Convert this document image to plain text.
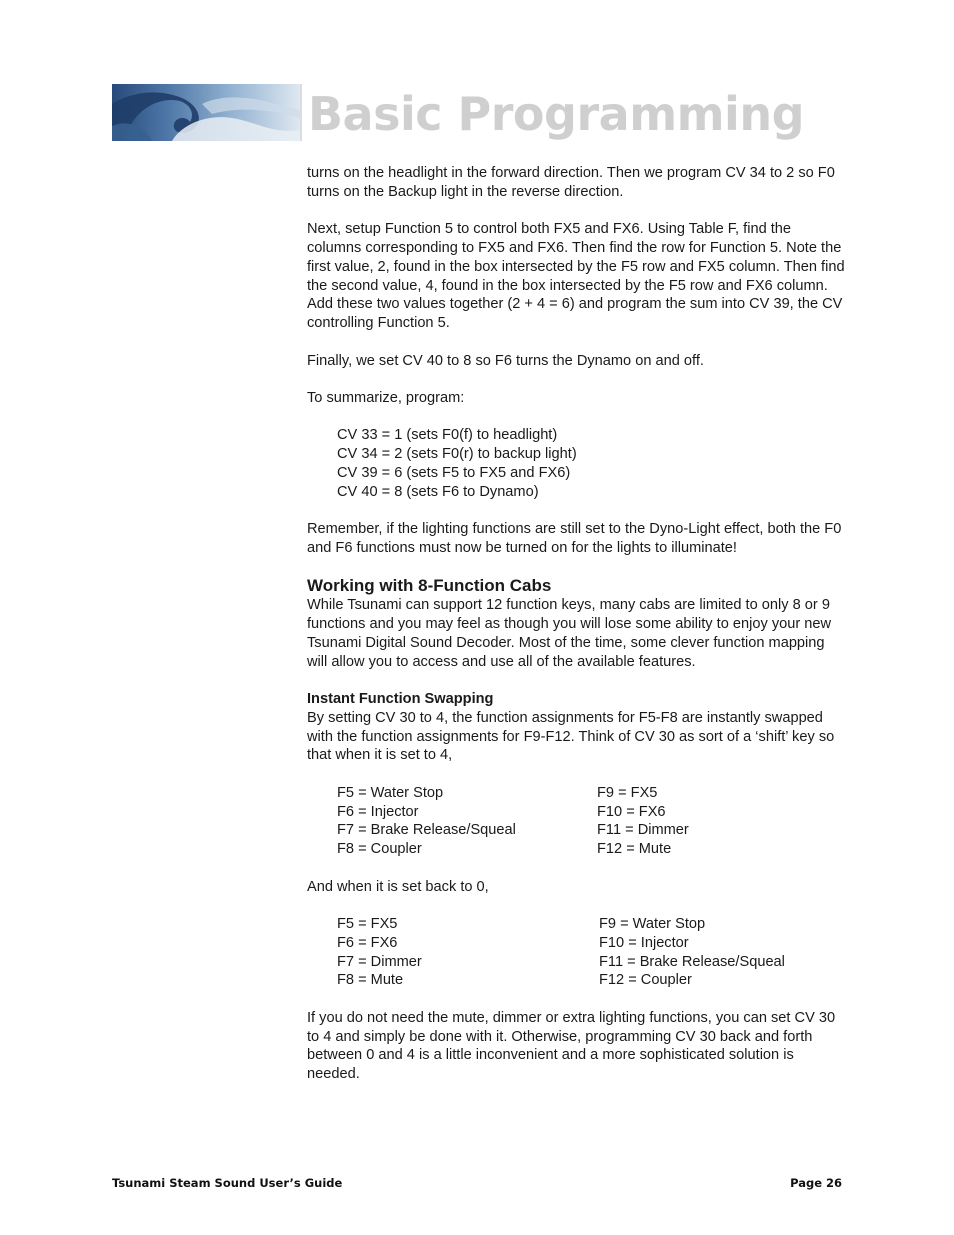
Basic Programming

turns on the headlight in the forward direction. Then we program CV 34 to 2 so F0 turns on the Backup light in the reverse direction.

Next, setup Function 5 to control both FX5 and FX6. Using Table F, find the columns corresponding to FX5 and FX6. Then find the row for Function 5. Note the first value, 2, found in the box intersected by the F5 row and FX5 column. Then find the second value, 4, found in the box intersected by the F5 row and FX6 column. Add these two values together (2 + 4 = 6) and program the sum into CV 39, the CV controlling Function 5.

Finally, we set CV 40 to 8 so F6 turns the Dynamo on and off.

To summarize, program:

CV 33 = 1 (sets F0(f) to headlight)
CV 34 = 2 (sets F0(r) to backup light)
CV 39 = 6 (sets F5 to FX5 and FX6)
CV 40 = 8 (sets F6 to Dynamo)

Remember, if the lighting functions are still set to the Dyno-Light effect, both the F0 and F6 functions must now be turned on for the lights to illuminate!

Working with 8-Function Cabs

While Tsunami can support 12 function keys, many cabs are limited to only 8 or 9 functions and you may feel as though you will lose some ability to enjoy your new Tsunami Digital Sound Decoder. Most of the time, some clever function mapping will allow you to access and use all of the available features.

Instant Function Swapping

By setting CV 30 to 4, the function assignments for F5-F8 are instantly swapped with the function assignments for F9-F12. Think of CV 30 as sort of a ‘shift’ key so that when it is set to 4,

F5 = Water Stop
F6 = Injector
F7 = Brake Release/Squeal
F8 = Coupler
F9 = FX5
F10 = FX6
F11 = Dimmer
F12 = Mute

And when it is set back to 0,

F5 = FX5
F6 = FX6
F7 = Dimmer
F8 = Mute
F9 = Water Stop
F10 = Injector
F11 = Brake Release/Squeal
F12 = Coupler

If you do not need the mute, dimmer or extra lighting functions, you can set CV 30 to 4 and simply be done with it. Otherwise, programming CV 30 back and forth between 0 and 4 is a little inconvenient and a more sophisticated solution is needed.

Tsunami Steam Sound User’s Guide	Page 26
